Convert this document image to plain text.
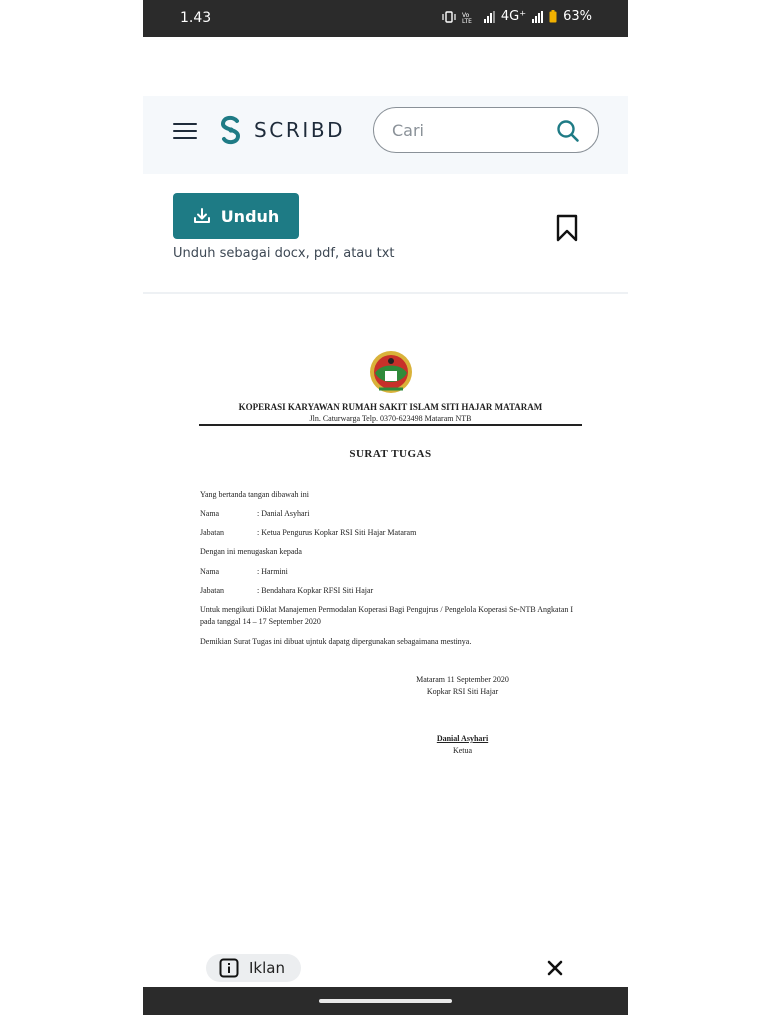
1.43	Vo
LTE 4G⁺	63%
SCRIBD
Cari
Unduh
Unduh sebagai docx, pdf, atau txt
KOPERASI KARYAWAN RUMAH SAKIT ISLAM SITI HAJAR MATARAM
Jln. Caturwarga Telp. 0370-623498 Mataram NTB
SURAT TUGAS
Yang bertanda tangan dibawah ini
Nama	: Danial Asyhari
Jabatan	: Ketua Pengurus Kopkar RSI Siti Hajar Mataram
Dengan ini menugaskan kepada
Nama	: Harmini
Jabatan	: Bendahara Kopkar RFSI Siti Hajar
Untuk mengikuti Diklat Manajemen Permodalan Koperasi Bagi Pengujrus / Pengelola Koperasi Se-NTB Angkatan I pada tanggal 14 – 17 September 2020
Demikian Surat Tugas ini dibuat ujntuk dapatg dipergunakan sebagaimana mestinya.
Mataram 11 September 2020
Kopkar RSI Siti Hajar
Danial Asyhari
Ketua
Iklan
